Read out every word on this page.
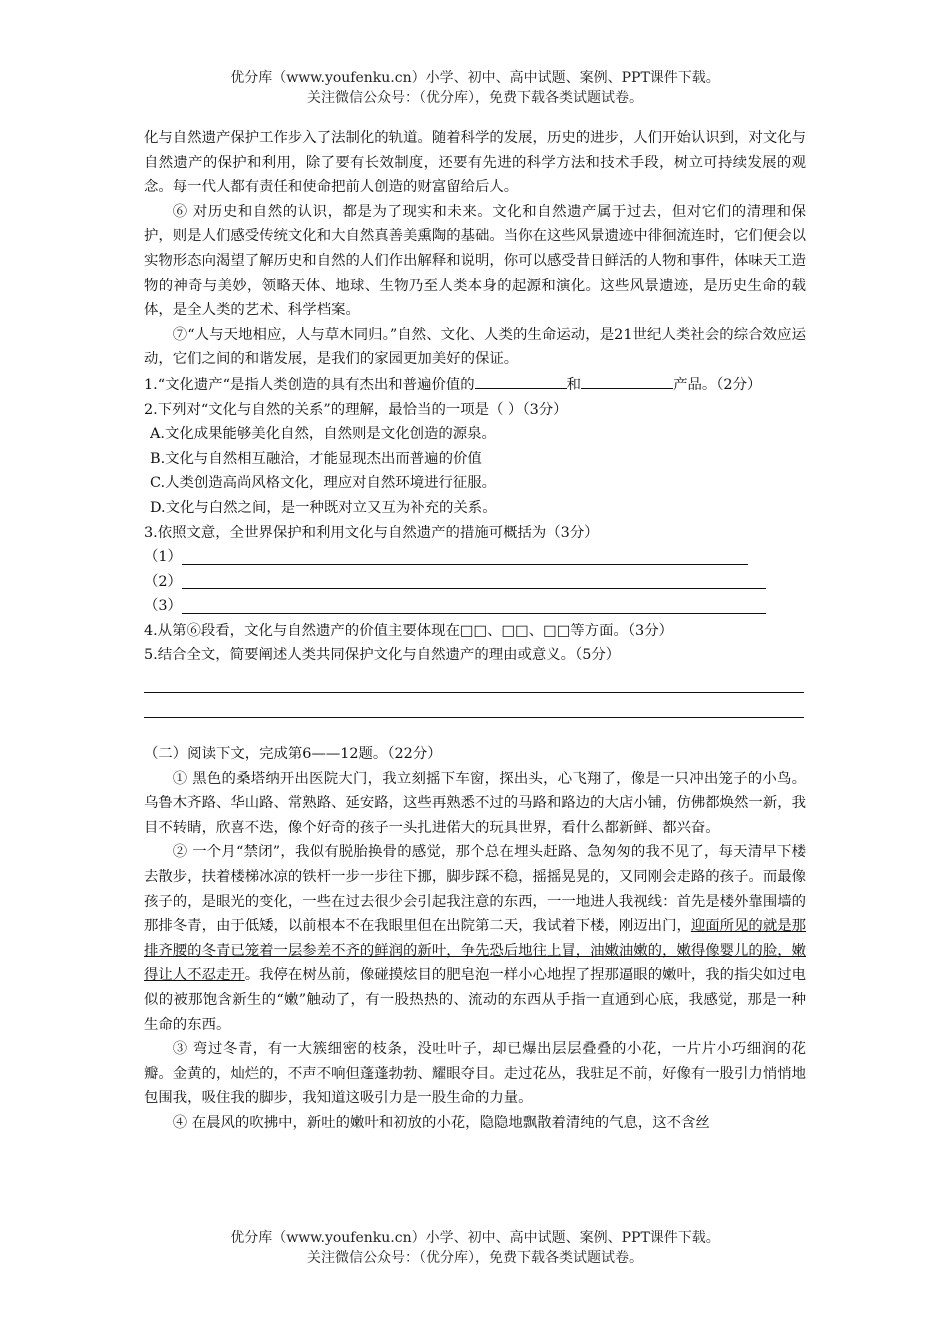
优分库（www.youfenku.cn）小学、初中、高中试题、案例、PPT课件下载。
关注微信公众号：（优分库），免费下载各类试题试卷。

化与自然遗产保护工作步入了法制化的轨道。随着科学的发展，历史的进步，人们开始认识到，对文化与自然遗产的保护和利用，除了要有长效制度，还要有先进的科学方法和技术手段，树立可持续发展的观念。每一代人都有责任和使命把前人创造的财富留给后人。

⑥ 对历史和自然的认识，都是为了现实和未来。文化和自然遗产属于过去，但对它们的清理和保护，则是人们感受传统文化和大自然真善美熏陶的基础。当你在这些风景遗迹中徘徊流连时，它们便会以实物形态向渴望了解历史和自然的人们作出解释和说明，你可以感受昔日鲜活的人物和事件，体味天工造物的神奇与美妙，领略天体、地球、生物乃至人类本身的起源和演化。这些风景遗迹，是历史生命的载体，是全人类的艺术、科学档案。

⑦“人与天地相应，人与草木同归。”自然、文化、人类的生命运动，是21世纪人类社会的综合效应运动，它们之间的和谐发展，是我们的家园更加美好的保证。

1.“文化遗产“是指人类创造的具有杰出和普遍价值的	和	产品。（2分）

2.下列对“文化与自然的关系”的理解，最恰当的一项是（ ）（3分）

A.文化成果能够美化自然，自然则是文化创造的源泉。

B.文化与自然相互融洽，才能显现杰出而普遍的价值

C.人类创造高尚风格文化，理应对自然环境进行征服。

D.文化与白然之间，是一种既对立又互为补充的关系。

3.依照文意，全世界保护和利用文化与自然遗产的措施可概括为（3分）

（1）
（2）
（3）

4.从第⑥段看，文化与自然遗产的价值主要体现在□□、□□、□□等方面。（3分）

5.结合全文，简要阐述人类共同保护文化与自然遗产的理由或意义。（5分）

（二）阅读下文，完成第6——12题。（22分）

① 黑色的桑塔纳开出医院大门，我立刻摇下车窗，探出头，心飞翔了，像是一只冲出笼子的小鸟。乌鲁木齐路、华山路、常熟路、延安路，这些再熟悉不过的马路和路边的大店小铺，仿佛都焕然一新，我目不转睛，欣喜不迭，像个好奇的孩子一头扎进偌大的玩具世界，看什么都新鲜、都兴奋。

② 一个月“禁闭”，我似有脱胎换骨的感觉，那个总在埋头赶路、急匆匆的我不见了，每天清早下楼去散步，扶着楼梯冰凉的铁杆一步一步往下挪，脚步踩不稳，摇摇晃晃的，又同刚会走路的孩子。而最像孩子的，是眼光的变化，一些在过去很少会引起我注意的东西，一一地进人我视线：首先是楼外靠围墙的那排冬青，由于低矮，以前根本不在我眼里但在出院第二天，我试着下楼，刚迈出门，迎面所见的就是那排齐腰的冬青已笼着一层参差不齐的鲜润的新叶，争先恐后地往上冒，油嫩油嫩的，嫩得像婴儿的脸，嫩得让人不忍走开。我停在树丛前，像碰摸炫目的肥皂泡一样小心地捏了捏那逼眼的嫩叶，我的指尖如过电似的被那饱含新生的“嫩”触动了，有一股热热的、流动的东西从手指一直通到心底，我感觉，那是一种生命的东西。

③ 弯过冬青，有一大簇细密的枝条，没吐叶子，却已爆出层层叠叠的小花，一片片小巧细润的花瓣。金黄的，灿烂的，不声不响但蓬蓬勃勃、耀眼夺目。走过花丛，我驻足不前，好像有一股引力悄悄地包围我，吸住我的脚步，我知道这吸引力是一股生命的力量。

④ 在晨风的吹拂中，新吐的嫩叶和初放的小花，隐隐地飘散着清纯的气息，这不含丝

优分库（www.youfenku.cn）小学、初中、高中试题、案例、PPT课件下载。
关注微信公众号：（优分库），免费下载各类试题试卷。
